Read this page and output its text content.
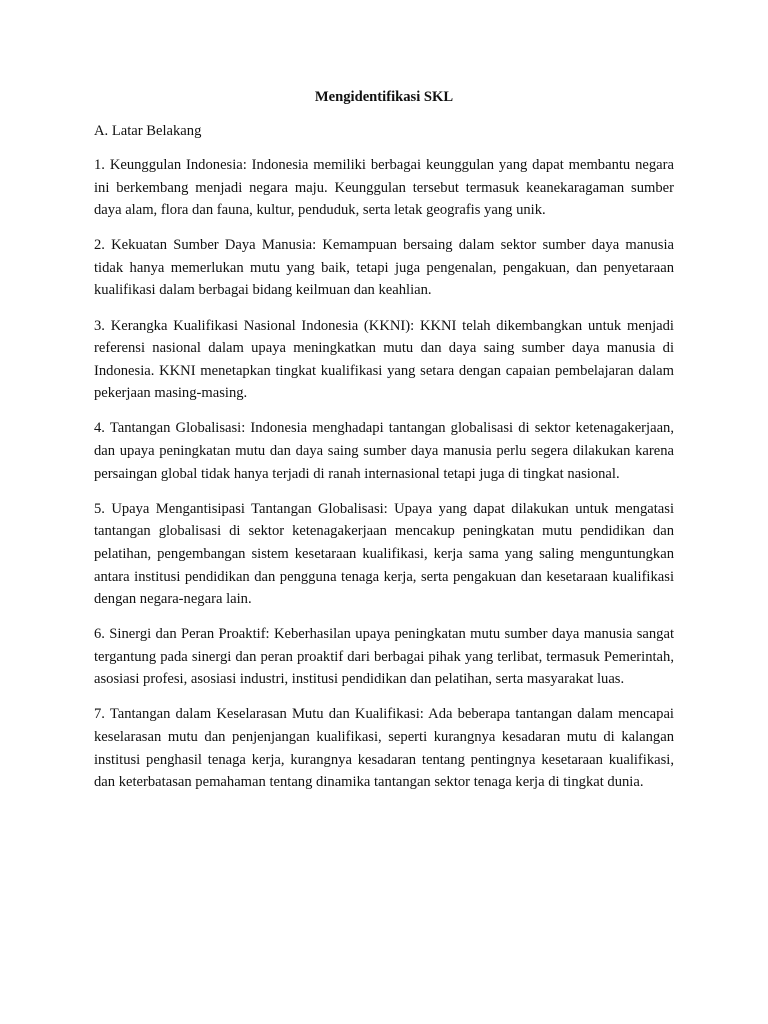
Mengidentifikasi SKL
A. Latar Belakang

1. Keunggulan Indonesia: Indonesia memiliki berbagai keunggulan yang dapat membantu negara ini berkembang menjadi negara maju. Keunggulan tersebut termasuk keanekaragaman sumber daya alam, flora dan fauna, kultur, penduduk, serta letak geografis yang unik.

2. Kekuatan Sumber Daya Manusia: Kemampuan bersaing dalam sektor sumber daya manusia tidak hanya memerlukan mutu yang baik, tetapi juga pengenalan, pengakuan, dan penyetaraan kualifikasi dalam berbagai bidang keilmuan dan keahlian.

3. Kerangka Kualifikasi Nasional Indonesia (KKNI): KKNI telah dikembangkan untuk menjadi referensi nasional dalam upaya meningkatkan mutu dan daya saing sumber daya manusia di Indonesia. KKNI menetapkan tingkat kualifikasi yang setara dengan capaian pembelajaran dalam pekerjaan masing-masing.

4. Tantangan Globalisasi: Indonesia menghadapi tantangan globalisasi di sektor ketenagakerjaan, dan upaya peningkatan mutu dan daya saing sumber daya manusia perlu segera dilakukan karena persaingan global tidak hanya terjadi di ranah internasional tetapi juga di tingkat nasional.

5. Upaya Mengantisipasi Tantangan Globalisasi: Upaya yang dapat dilakukan untuk mengatasi tantangan globalisasi di sektor ketenagakerjaan mencakup peningkatan mutu pendidikan dan pelatihan, pengembangan sistem kesetaraan kualifikasi, kerja sama yang saling menguntungkan antara institusi pendidikan dan pengguna tenaga kerja, serta pengakuan dan kesetaraan kualifikasi dengan negara-negara lain.

6. Sinergi dan Peran Proaktif: Keberhasilan upaya peningkatan mutu sumber daya manusia sangat tergantung pada sinergi dan peran proaktif dari berbagai pihak yang terlibat, termasuk Pemerintah, asosiasi profesi, asosiasi industri, institusi pendidikan dan pelatihan, serta masyarakat luas.

7. Tantangan dalam Keselarasan Mutu dan Kualifikasi: Ada beberapa tantangan dalam mencapai keselarasan mutu dan penjenjangan kualifikasi, seperti kurangnya kesadaran mutu di kalangan institusi penghasil tenaga kerja, kurangnya kesadaran tentang pentingnya kesetaraan kualifikasi, dan keterbatasan pemahaman tentang dinamika tantangan sektor tenaga kerja di tingkat dunia.
